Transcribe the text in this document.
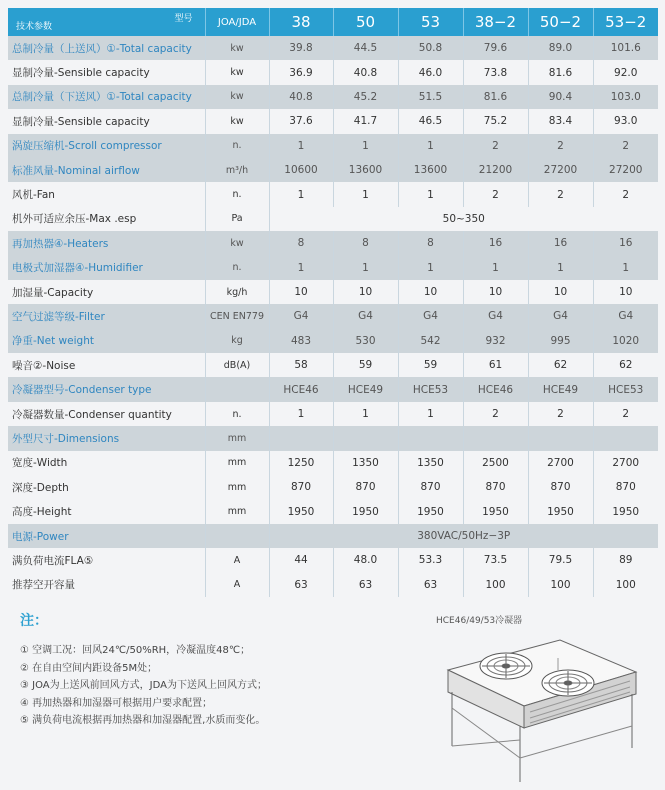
技术参数
型号	JOA/JDA	38	50	53	38−2	50−2	53−2
总制冷量（上送风）①-Total capacity	kw	39.8	44.5	50.8	79.6	89.0	101.6
显制冷量-Sensible capacity	kw	36.9	40.8	46.0	73.8	81.6	92.0
总制冷量（下送风）①-Total capacity	kw	40.8	45.2	51.5	81.6	90.4	103.0
显制冷量-Sensible capacity	kw	37.6	41.7	46.5	75.2	83.4	93.0
涡旋压缩机-Scroll compressor	n.	1	1	1	2	2	2
标准风量-Nominal airflow	m³/h	10600	13600	13600	21200	27200	27200
风机-Fan	n.	1	1	1	2	2	2
机外可适应余压-Max .esp	Pa	50~350					
再加热器④-Heaters	kw	8	8	8	16	16	16
电极式加湿器④-Humidifier	n.	1	1	1	1	1	1
加湿量-Capacity	kg/h	10	10	10	10	10	10
空气过滤等级-Filter	CEN EN779	G4	G4	G4	G4	G4	G4
净重-Net weight	kg	483	530	542	932	995	1020
噪音②-Noise	dB(A)	58	59	59	61	62	62
冷凝器型号-Condenser type		HCE46	HCE49	HCE53	HCE46	HCE49	HCE53
冷凝器数量-Condenser quantity	n.	1	1	1	2	2	2
外型尺寸-Dimensions	mm						
宽度-Width	mm	1250	1350	1350	2500	2700	2700
深度-Depth	mm	870	870	870	870	870	870
高度-Height	mm	1950	1950	1950	1950	1950	1950
电源-Power		380VAC/50Hz−3P					
满负荷电流FLA⑤	A	44	48.0	53.3	73.5	79.5	89
推荐空开容量	A	63	63	63	100	100	100
注：
① 空调工况：回风24℃/50%RH，冷凝温度48℃；
② 在自由空间内距设备5M处；
③ JOA为上送风前回风方式，JDA为下送风上回风方式；
④ 再加热器和加湿器可根据用户要求配置；
⑤ 满负荷电流根据再加热器和加湿器配置,水质而变化。
HCE46/49/53冷凝器
